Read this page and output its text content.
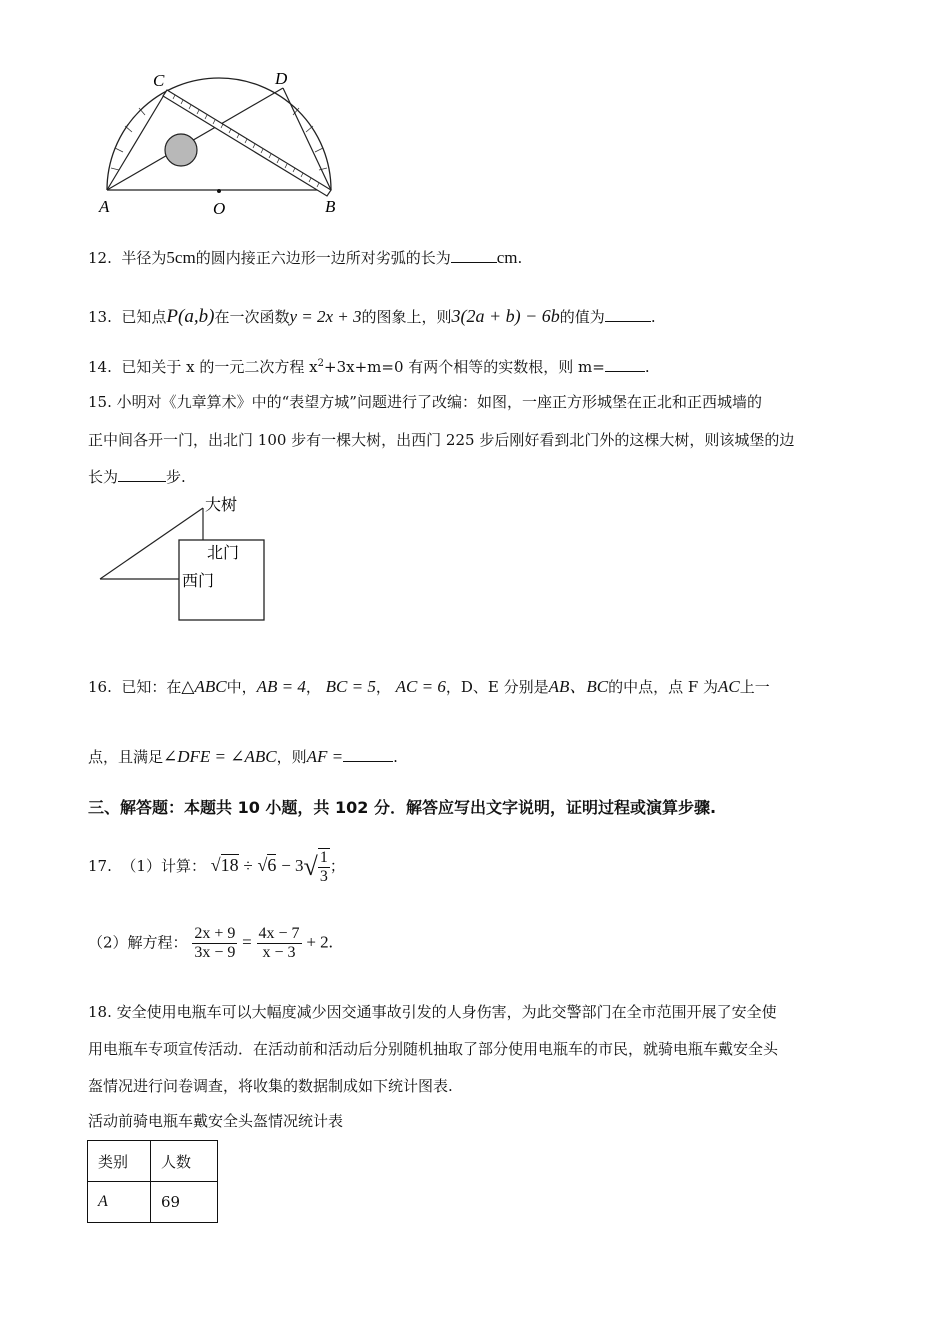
C	D
A	O	B
12. 半径为5cm的圆内接正六边形一边所对劣弧的长为	cm.
13. 已知点P(a,b)在一次函数y = 2x + 3的图象上，则3(2a + b) − 6b的值为	.
14. 已知关于 x 的一元二次方程 $x^2+3x+m=0$ 有两个相等的实数根，则 m=	.
15. 小明对《九章算术》中的“表望方城”问题进行了改编：如图，一座正方形城堡在正北和正西城墙的
正中间各开一门，出北门 100 步有一棵大树，出西门 225 步后刚好看到北门外的这棵大树，则该城堡的边
长为	步.
大树
北门
西门
16. 已知：在△ABC中，AB = 4， BC = 5， AC = 6，D、E 分别是AB、BC的中点，点 F 为AC上一
点，且满足∠DFE = ∠ABC，则AF =	.
三、解答题：本题共 10 小题，共 102 分．解答应写出文字说明，证明过程或演算步骤.
17. （1）计算： $√18 \div √6 - 3√ \frac{1}{3}$ ；
（2）解方程： $\frac{2x + 9}{3x - 9} = \frac{4x - 7}{x - 3} + 2$.
18. 安全使用电瓶车可以大幅度减少因交通事故引发的人身伤害，为此交警部门在全市范围开展了安全使
用电瓶车专项宣传活动．在活动前和活动后分别随机抽取了部分使用电瓶车的市民，就骑电瓶车戴安全头
盔情况进行问卷调查，将收集的数据制成如下统计图表.
活动前骑电瓶车戴安全头盔情况统计表
类别	人数
A	69
